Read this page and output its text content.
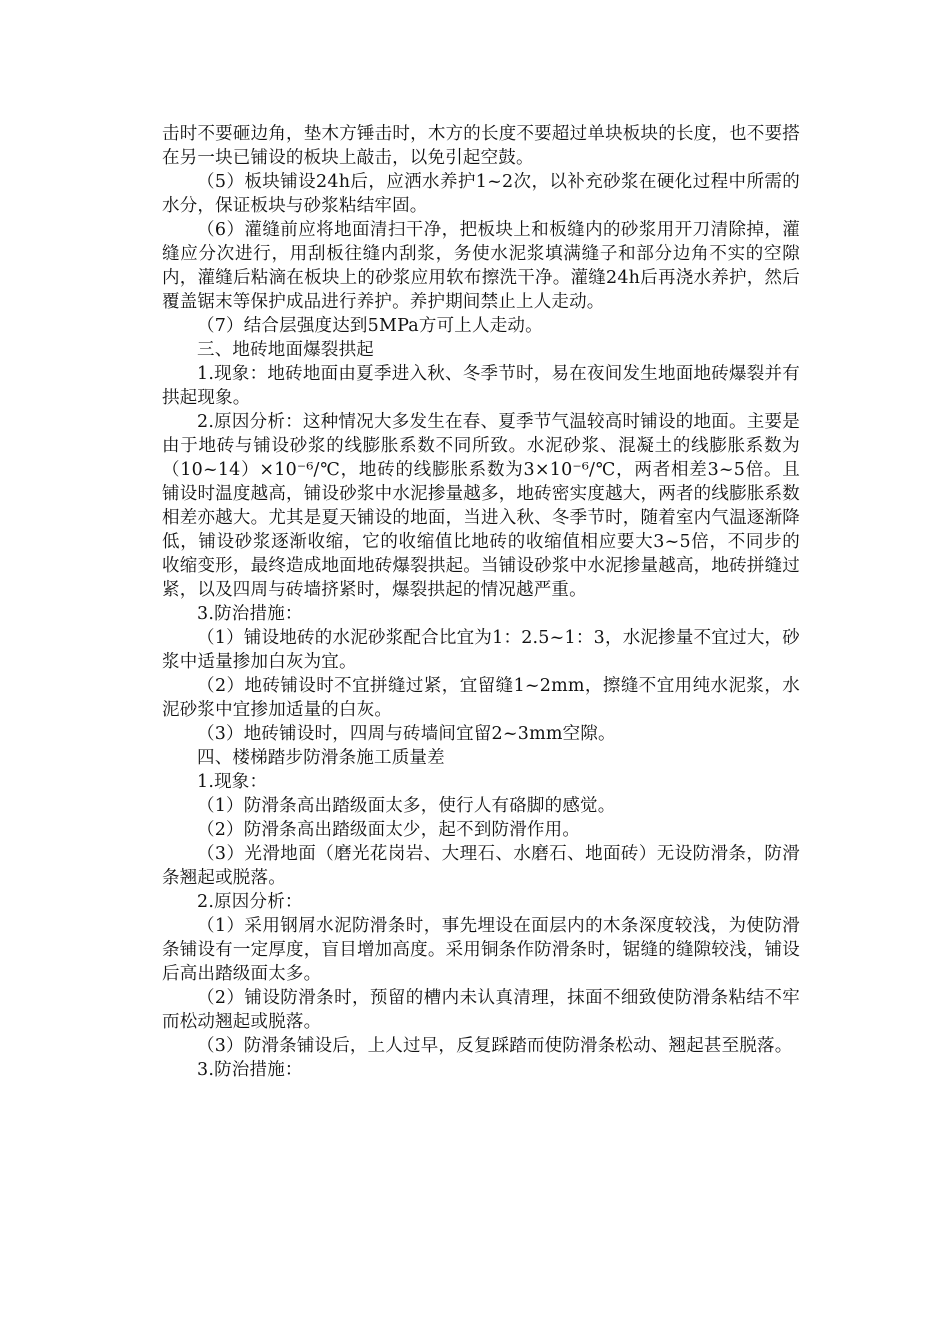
击时不要砸边角，垫木方锤击时，木方的长度不要超过单块板块的长度，也不要搭在另一块已铺设的板块上敲击，以免引起空鼓。

（5）板块铺设24h后，应洒水养护1~2次，以补充砂浆在硬化过程中所需的水分，保证板块与砂浆粘结牢固。

（6）灌缝前应将地面清扫干净，把板块上和板缝内的砂浆用开刀清除掉，灌缝应分次进行，用刮板往缝内刮浆，务使水泥浆填满缝子和部分边角不实的空隙内，灌缝后粘滴在板块上的砂浆应用软布擦洗干净。灌缝24h后再浇水养护，然后覆盖锯末等保护成品进行养护。养护期间禁止上人走动。

（7）结合层强度达到5MPa方可上人走动。

三、地砖地面爆裂拱起

1.现象：地砖地面由夏季进入秋、冬季节时，易在夜间发生地面地砖爆裂并有拱起现象。

2.原因分析：这种情况大多发生在春、夏季节气温较高时铺设的地面。主要是由于地砖与铺设砂浆的线膨胀系数不同所致。水泥砂浆、混凝土的线膨胀系数为（10~14）×10⁻⁶/℃，地砖的线膨胀系数为3×10⁻⁶/℃，两者相差3~5倍。且铺设时温度越高，铺设砂浆中水泥掺量越多，地砖密实度越大，两者的线膨胀系数相差亦越大。尤其是夏天铺设的地面，当进入秋、冬季节时，随着室内气温逐渐降低，铺设砂浆逐渐收缩，它的收缩值比地砖的收缩值相应要大3~5倍，不同步的收缩变形，最终造成地面地砖爆裂拱起。当铺设砂浆中水泥掺量越高，地砖拼缝过紧，以及四周与砖墙挤紧时，爆裂拱起的情况越严重。

3.防治措施：

（1）铺设地砖的水泥砂浆配合比宜为1：2.5~1：3，水泥掺量不宜过大，砂浆中适量掺加白灰为宜。

（2）地砖铺设时不宜拼缝过紧，宜留缝1~2mm，擦缝不宜用纯水泥浆，水泥砂浆中宜掺加适量的白灰。

（3）地砖铺设时，四周与砖墙间宜留2~3mm空隙。

四、楼梯踏步防滑条施工质量差

1.现象：

（1）防滑条高出踏级面太多，使行人有硌脚的感觉。

（2）防滑条高出踏级面太少，起不到防滑作用。

（3）光滑地面（磨光花岗岩、大理石、水磨石、地面砖）无设防滑条，防滑条翘起或脱落。

2.原因分析：

（1）采用钢屑水泥防滑条时，事先埋设在面层内的木条深度较浅，为使防滑条铺设有一定厚度，盲目增加高度。采用铜条作防滑条时，锯缝的缝隙较浅，铺设后高出踏级面太多。

（2）铺设防滑条时，预留的槽内未认真清理，抹面不细致使防滑条粘结不牢而松动翘起或脱落。

（3）防滑条铺设后，上人过早，反复踩踏而使防滑条松动、翘起甚至脱落。

3.防治措施：
